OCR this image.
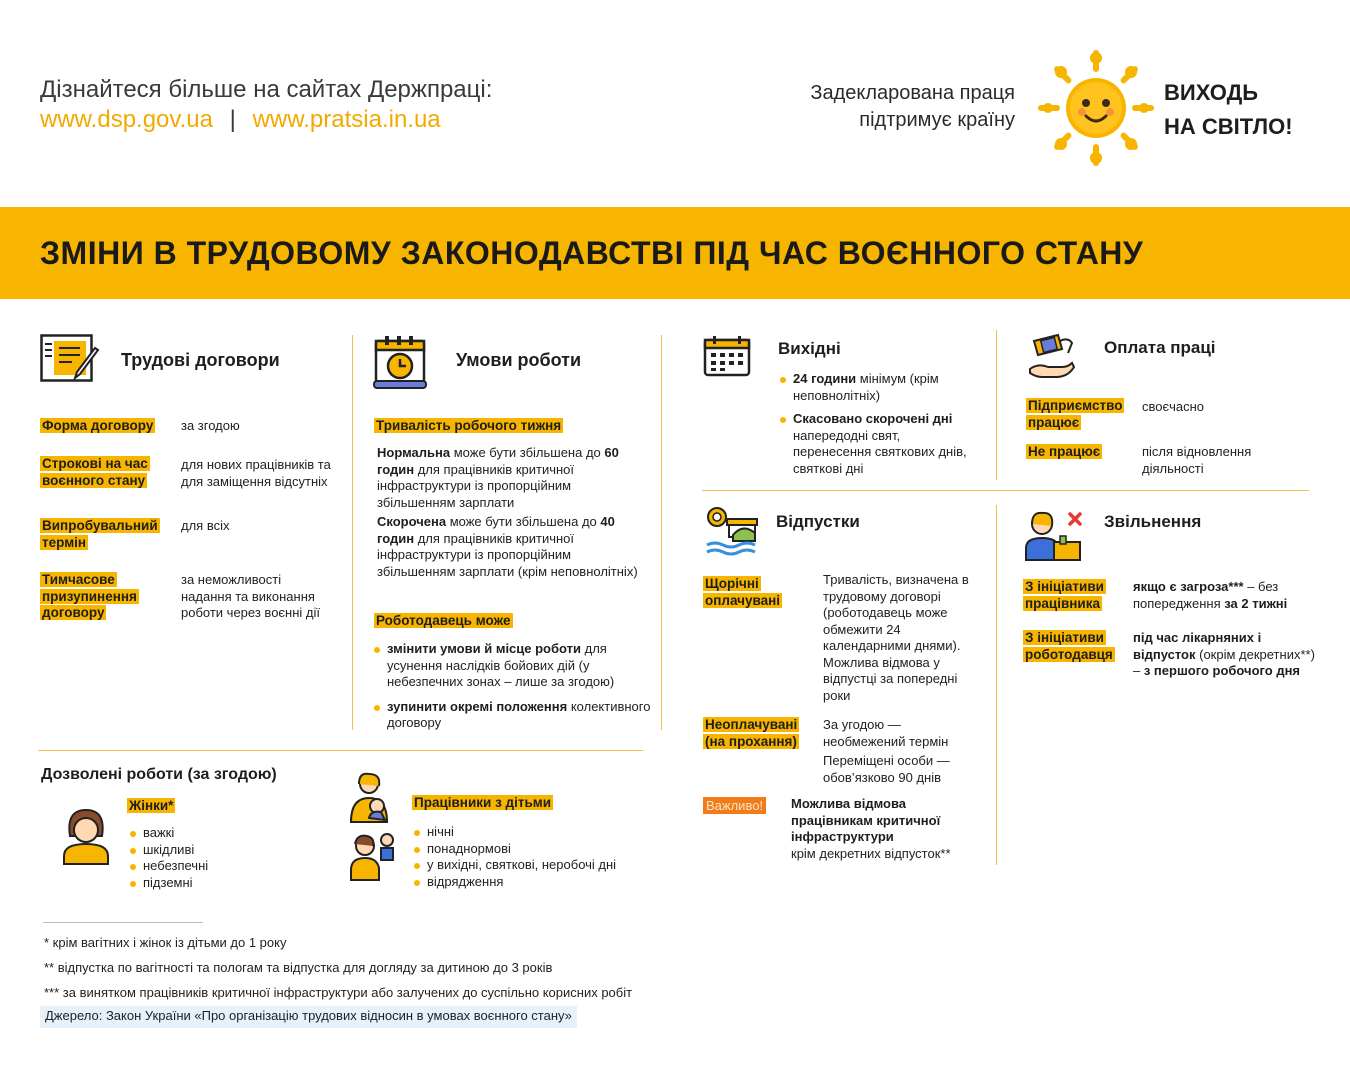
Дізнайтеся більше на сайтах Держпраці:
www.dsp.gov.ua | www.pratsia.in.ua
Задекларована праця
підтримує країну
ВИХОДЬ
НА СВІТЛО!
ЗМІНИ В ТРУДОВОМУ ЗАКОНОДАВСТВІ ПІД ЧАС ВОЄННОГО СТАНУ
Трудові договори
Форма договору	за згодою
Строкові на час воєнного стану
для нових працівників та для заміщення відсутніх
Випробувальний термін
для всіх
Тимчасове призупинення договору
за неможливості надання та виконання роботи через воєнні дії
Умови роботи
Тривалість робочого тижня
Нормальна може бути збільшена до 60 годин для працівників критичної інфраструктури із пропорційним збільшенням зарплати
Скорочена може бути збільшена до 40 годин для працівників критичної інфраструктури із пропорційним збільшенням зарплати (крім неповнолітніх)
Роботодавець може
змінити умови й місце роботи для усунення наслідків бойових дій (у небезпечних зонах – лише за згодою)
зупинити окремі положення колективного договору
Вихідні
24 години мінімум (крім неповнолітніх)
Скасовано скорочені дні напередодні свят, перенесення святкових днів, святкові дні
Оплата праці
Підприємство працює
своєчасно
Не працює	після відновлення діяльності
Відпустки
Щорічні оплачувані
Тривалість, визначена в трудовому договорі (роботодавець може обмежити 24 календарними днями). Можлива відмова у відпустці за попередні роки
Неоплачувані (на прохання)
За угодою — необмежений термін
Переміщені особи — обов’язково 90 днів
Важливо! Можлива відмова працівникам критичної інфраструктури
крім декретних відпусток**
Звільнення
З ініціативи працівника
якщо є загроза*** – без попередження за 2 тижні
З ініціативи роботодавця
під час лікарняних і відпусток (окрім декретних**) – з першого робочого дня
Дозволені роботи (за згодою)
Жінки*
важкі
шкідливі
небезпечні
підземні
Працівники з дітьми
нічні
понаднормові
у вихідні, святкові, неробочі дні
відрядження
* крім вагітних і жінок із дітьми до 1 року
** відпустка по вагітності та пологам та відпустка для догляду за дитиною до 3 років
*** за винятком працівників критичної інфраструктури або залучених до суспільно корисних робіт
Джерело: Закон України «Про організацію трудових відносин в умовах воєнного стану»
